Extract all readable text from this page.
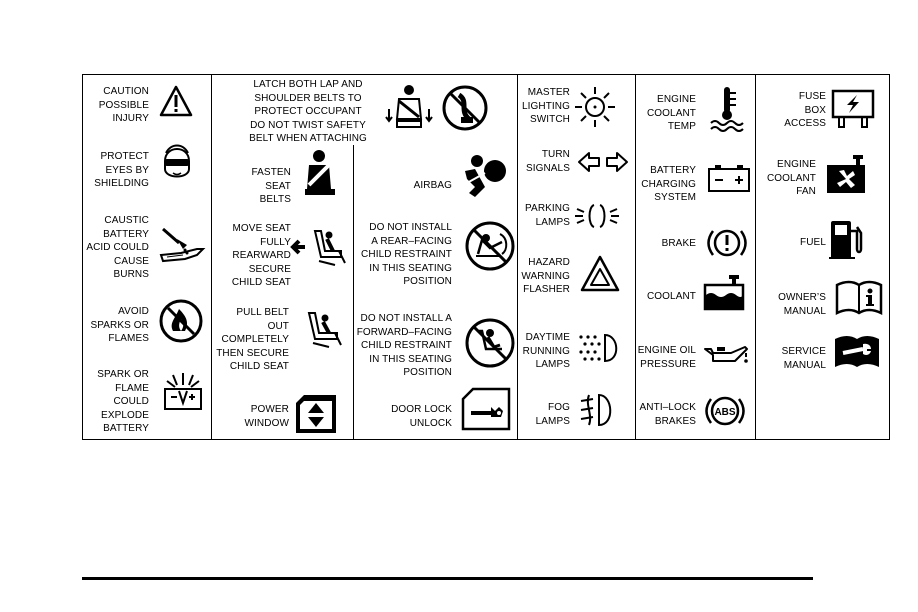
CAUTION
POSSIBLE
INJURY
PROTECT
EYES BY
SHIELDING
CAUSTIC
BATTERY
ACID COULD
CAUSE
BURNS
AVOID
SPARKS OR
FLAMES
SPARK OR
FLAME
COULD
EXPLODE
BATTERY
LATCH BOTH LAP AND
SHOULDER BELTS TO
PROTECT OCCUPANT
DO NOT TWIST SAFETY
BELT WHEN ATTACHING
FASTEN
SEAT
BELTS
MOVE SEAT
FULLY
REARWARD
SECURE
CHILD SEAT
PULL BELT
OUT
COMPLETELY
THEN SECURE
CHILD SEAT
POWER
WINDOW
AIRBAG
DO NOT INSTALL
A REAR–FACING
CHILD RESTRAINT
IN THIS SEATING
POSITION
DO NOT INSTALL A
FORWARD–FACING
CHILD RESTRAINT
IN THIS SEATING
POSITION
DOOR LOCK
UNLOCK
MASTER
LIGHTING
SWITCH
TURN
SIGNALS
PARKING
LAMPS
HAZARD
WARNING
FLASHER
DAYTIME
RUNNING
LAMPS
FOG
LAMPS
ENGINE
COOLANT
TEMP
BATTERY
CHARGING
SYSTEM
BRAKE
COOLANT
ENGINE OIL
PRESSURE
ANTI–LOCK
BRAKES
ABS
FUSE
BOX
ACCESS
ENGINE
COOLANT
FAN
FUEL
OWNER’S
MANUAL
SERVICE
MANUAL
